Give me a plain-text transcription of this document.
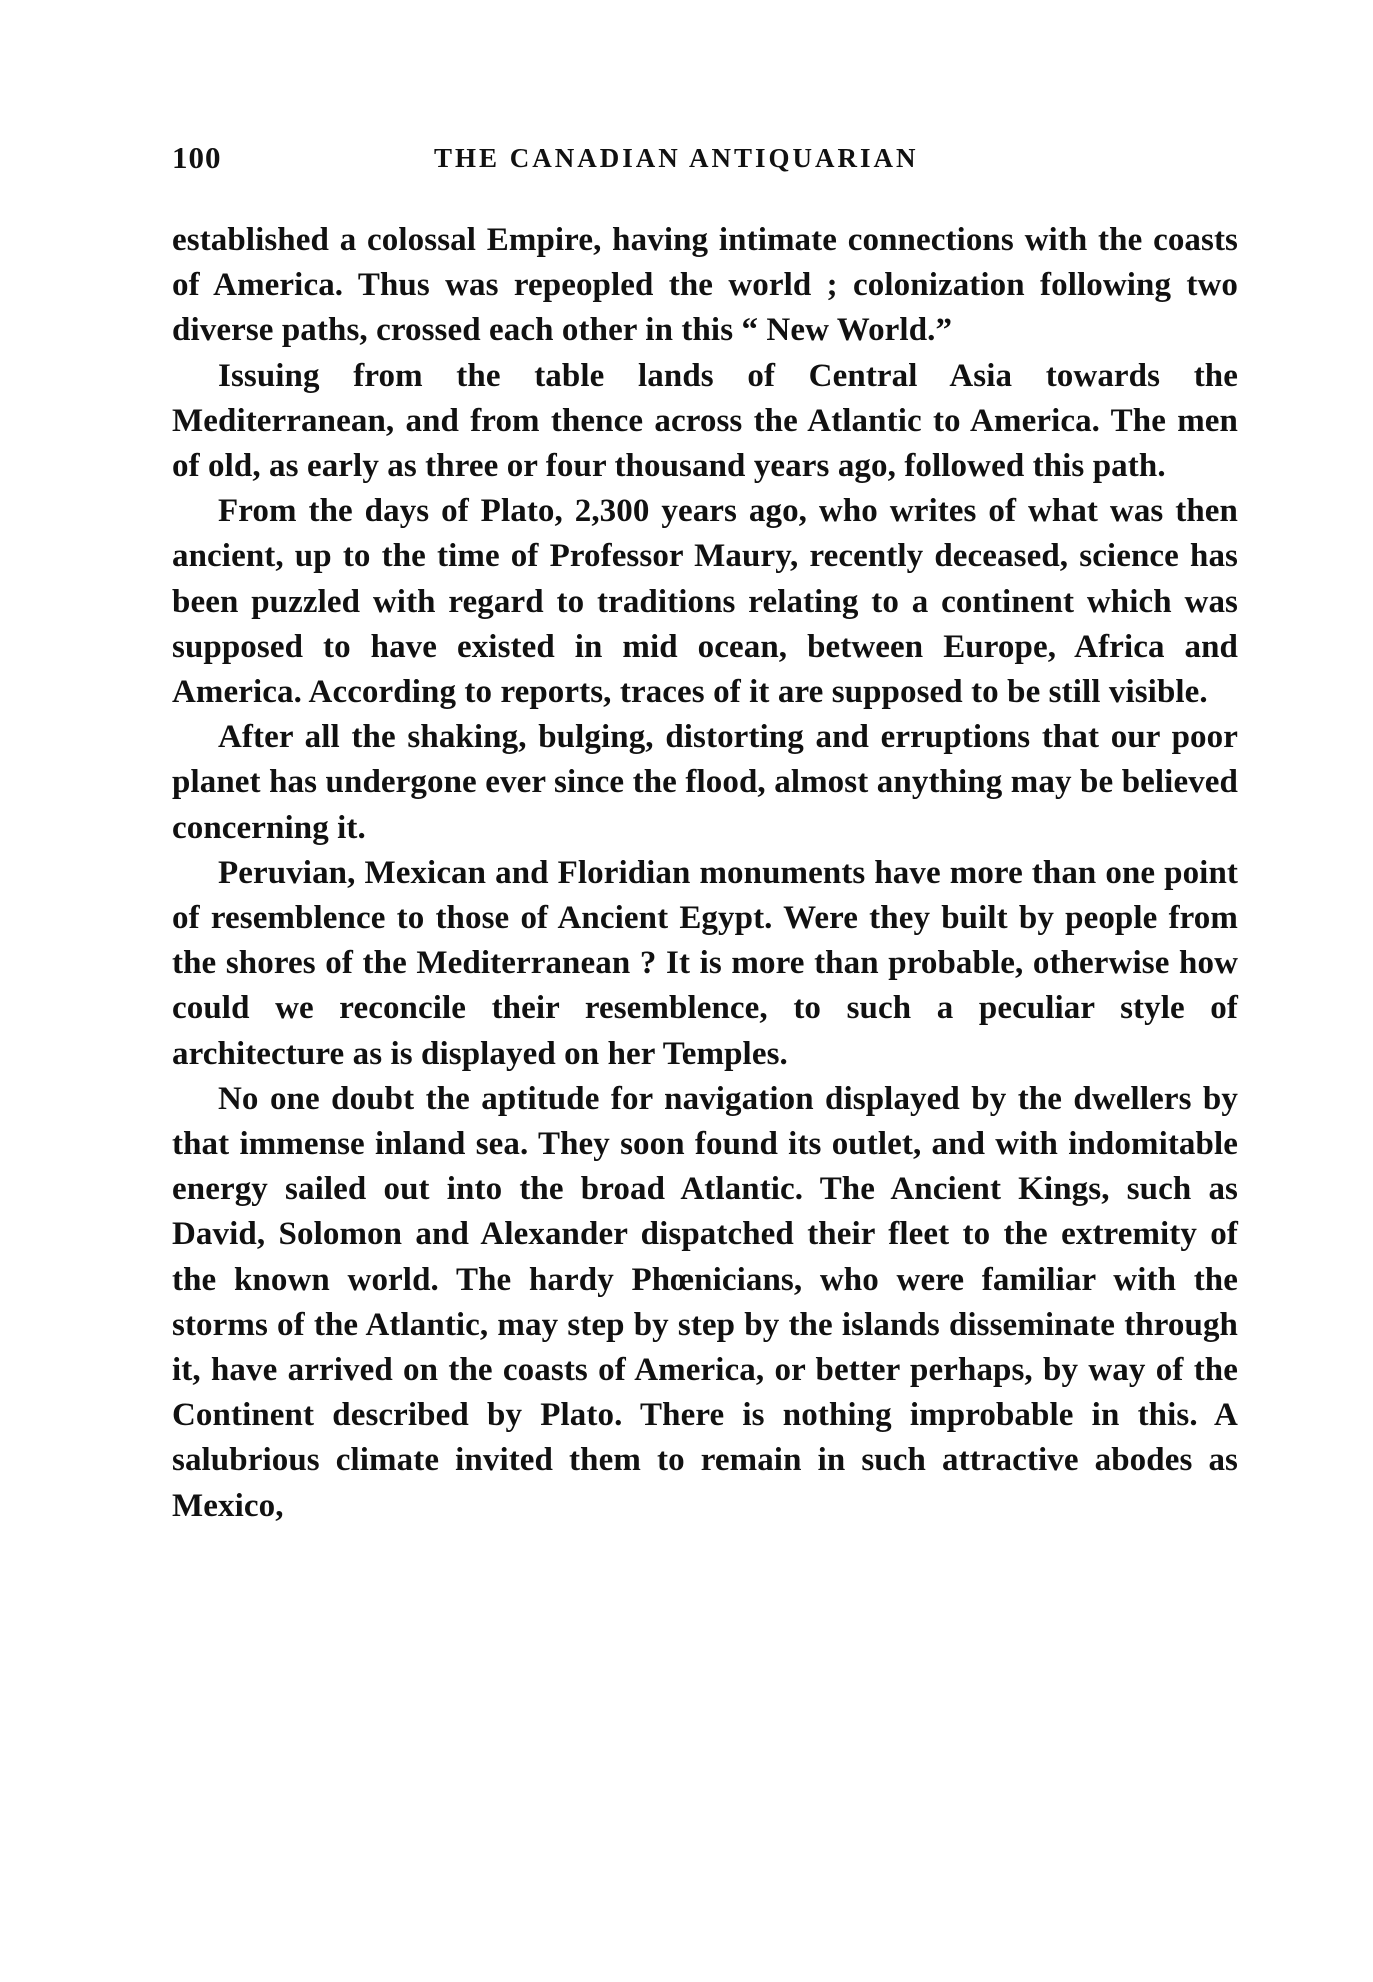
100	THE CANADIAN ANTIQUARIAN

established a colossal Empire, having intimate connections with the coasts of America. Thus was repeopled the world ; colonization following two diverse paths, crossed each other in this “ New World.”

Issuing from the table lands of Central Asia towards the Mediterranean, and from thence across the Atlantic to America. The men of old, as early as three or four thousand years ago, followed this path.

From the days of Plato, 2,300 years ago, who writes of what was then ancient, up to the time of Professor Maury, recently deceased, science has been puzzled with regard to traditions relating to a continent which was supposed to have existed in mid ocean, between Europe, Africa and America. According to reports, traces of it are supposed to be still visible.

After all the shaking, bulging, distorting and erruptions that our poor planet has undergone ever since the flood, almost anything may be believed concerning it.

Peruvian, Mexican and Floridian monuments have more than one point of resemblence to those of Ancient Egypt. Were they built by people from the shores of the Mediterranean ? It is more than probable, otherwise how could we reconcile their resemblence, to such a peculiar style of architecture as is displayed on her Temples.

No one doubt the aptitude for navigation displayed by the dwellers by that immense inland sea. They soon found its outlet, and with indomitable energy sailed out into the broad Atlantic. The Ancient Kings, such as David, Solomon and Alexander dispatched their fleet to the extremity of the known world. The hardy Phœnicians, who were familiar with the storms of the Atlantic, may step by step by the islands disseminate through it, have arrived on the coasts of America, or better perhaps, by way of the Continent described by Plato. There is nothing improbable in this. A salubrious climate invited them to remain in such attractive abodes as Mexico,
